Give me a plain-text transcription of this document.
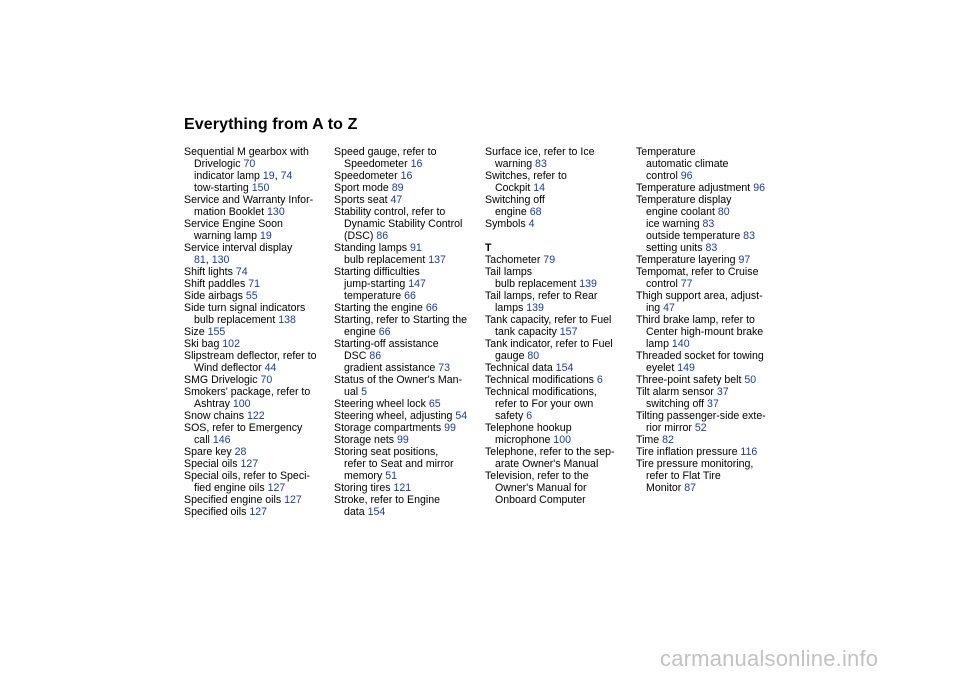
Everything from A to Z
Sequential M gearbox with
Drivelogic 70
indicator lamp 19, 74
tow-starting 150
Service and Warranty Infor-
mation Booklet 130
Service Engine Soon
warning lamp 19
Service interval display
81, 130
Shift lights 74
Shift paddles 71
Side airbags 55
Side turn signal indicators
bulb replacement 138
Size 155
Ski bag 102
Slipstream deflector, refer to
Wind deflector 44
SMG Drivelogic 70
Smokers' package, refer to
Ashtray 100
Snow chains 122
SOS, refer to Emergency
call 146
Spare key 28
Special oils 127
Special oils, refer to Speci-
fied engine oils 127
Specified engine oils 127
Specified oils 127
Speed gauge, refer to
Speedometer 16
Speedometer 16
Sport mode 89
Sports seat 47
Stability control, refer to
Dynamic Stability Control
(DSC) 86
Standing lamps 91
bulb replacement 137
Starting difficulties
jump-starting 147
temperature 66
Starting the engine 66
Starting, refer to Starting the
engine 66
Starting-off assistance
DSC 86
gradient assistance 73
Status of the Owner's Man-
ual 5
Steering wheel lock 65
Steering wheel, adjusting 54
Storage compartments 99
Storage nets 99
Storing seat positions,
refer to Seat and mirror
memory 51
Storing tires 121
Stroke, refer to Engine
data 154
Surface ice, refer to Ice
warning 83
Switches, refer to
Cockpit 14
Switching off
engine 68
Symbols 4
T
Tachometer 79
Tail lamps
bulb replacement 139
Tail lamps, refer to Rear
lamps 139
Tank capacity, refer to Fuel
tank capacity 157
Tank indicator, refer to Fuel
gauge 80
Technical data 154
Technical modifications 6
Technical modifications,
refer to For your own
safety 6
Telephone hookup
microphone 100
Telephone, refer to the sep-
arate Owner's Manual
Television, refer to the
Owner's Manual for
Onboard Computer
Temperature
automatic climate
control 96
Temperature adjustment 96
Temperature display
engine coolant 80
ice warning 83
outside temperature 83
setting units 83
Temperature layering 97
Tempomat, refer to Cruise
control 77
Thigh support area, adjust-
ing 47
Third brake lamp, refer to
Center high-mount brake
lamp 140
Threaded socket for towing
eyelet 149
Three-point safety belt 50
Tilt alarm sensor 37
switching off 37
Tilting passenger-side exte-
rior mirror 52
Time 82
Tire inflation pressure 116
Tire pressure monitoring,
refer to Flat Tire
Monitor 87
carmanualsonline.info
